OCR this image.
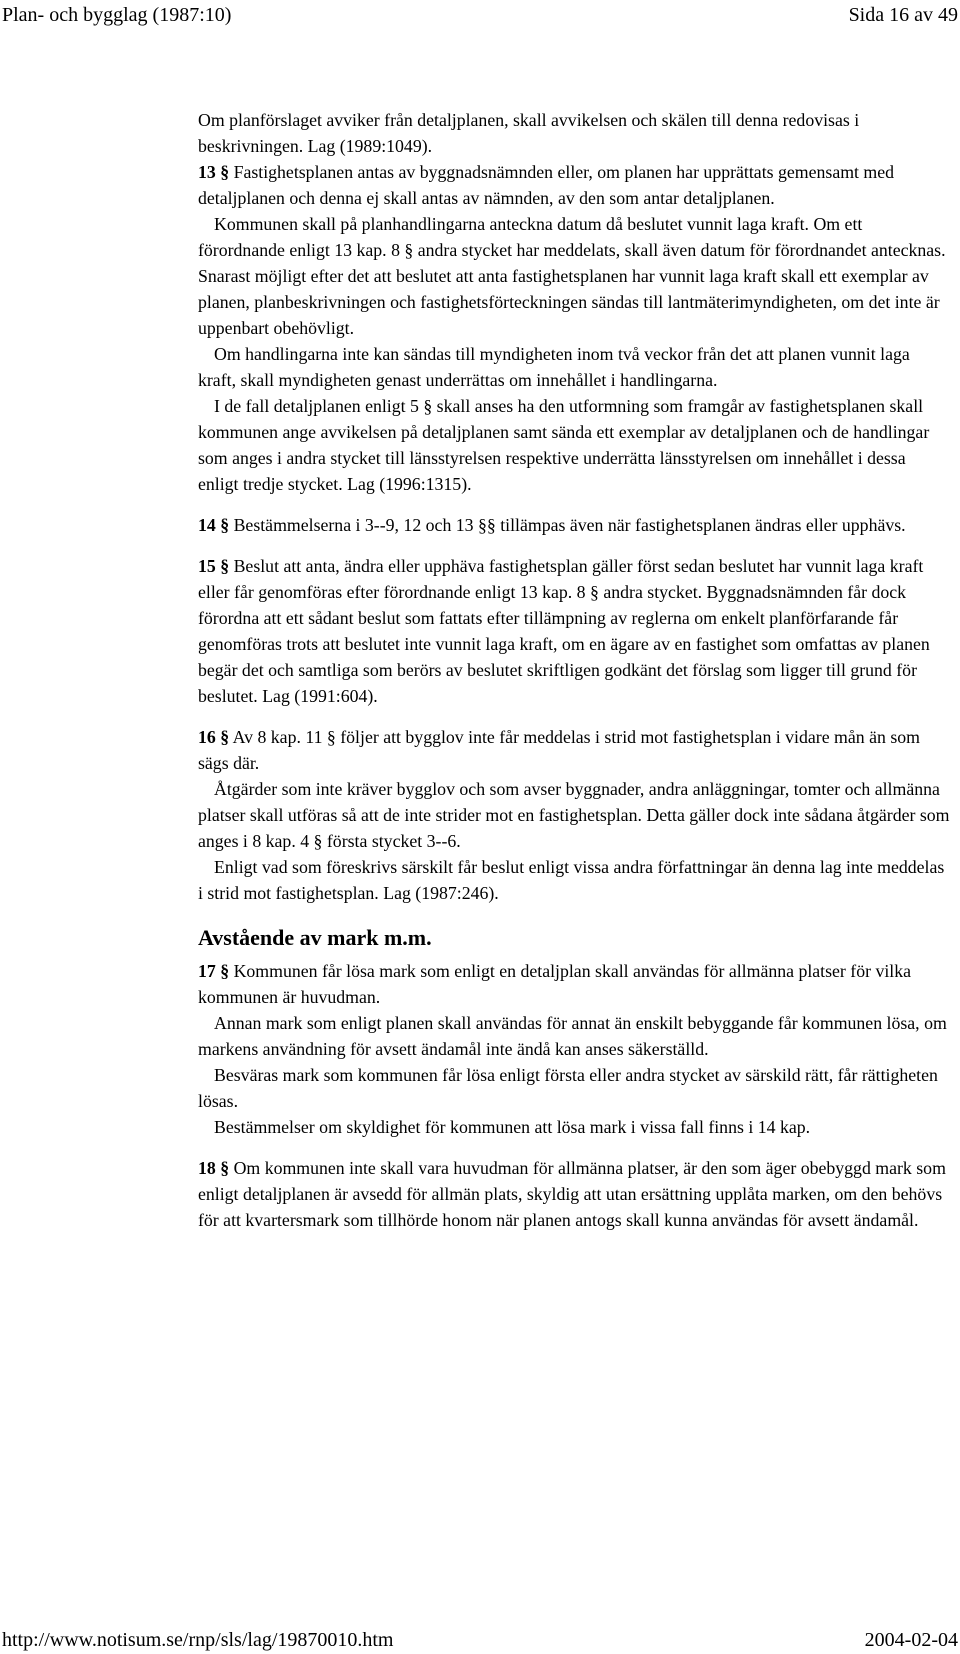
Plan- och bygglag (1987:10)	Sida 16 av 49

Om planförslaget avviker från detaljplanen, skall avvikelsen och skälen till denna redovisas i beskrivningen. Lag (1989:1049).

13 § Fastighetsplanen antas av byggnadsnämnden eller, om planen har upprättats gemensamt med detaljplanen och denna ej skall antas av nämnden, av den som antar detaljplanen.

Kommunen skall på planhandlingarna anteckna datum då beslutet vunnit laga kraft. Om ett förordnande enligt 13 kap. 8 § andra stycket har meddelats, skall även datum för förordnandet antecknas. Snarast möjligt efter det att beslutet att anta fastighetsplanen har vunnit laga kraft skall ett exemplar av planen, planbeskrivningen och fastighetsförteckningen sändas till lantmäterimyndigheten, om det inte är uppenbart obehövligt.

Om handlingarna inte kan sändas till myndigheten inom två veckor från det att planen vunnit laga kraft, skall myndigheten genast underrättas om innehållet i handlingarna.

I de fall detaljplanen enligt 5 § skall anses ha den utformning som framgår av fastighetsplanen skall kommunen ange avvikelsen på detaljplanen samt sända ett exemplar av detaljplanen och de handlingar som anges i andra stycket till länsstyrelsen respektive underrätta länsstyrelsen om innehållet i dessa enligt tredje stycket. Lag (1996:1315).

14 § Bestämmelserna i 3--9, 12 och 13 §§ tillämpas även när fastighetsplanen ändras eller upphävs.

15 § Beslut att anta, ändra eller upphäva fastighetsplan gäller först sedan beslutet har vunnit laga kraft eller får genomföras efter förordnande enligt 13 kap. 8 § andra stycket. Byggnadsnämnden får dock förordna att ett sådant beslut som fattats efter tillämpning av reglerna om enkelt planförfarande får genomföras trots att beslutet inte vunnit laga kraft, om en ägare av en fastighet som omfattas av planen begär det och samtliga som berörs av beslutet skriftligen godkänt det förslag som ligger till grund för beslutet. Lag (1991:604).

16 § Av 8 kap. 11 § följer att bygglov inte får meddelas i strid mot fastighetsplan i vidare mån än som sägs där.

Åtgärder som inte kräver bygglov och som avser byggnader, andra anläggningar, tomter och allmänna platser skall utföras så att de inte strider mot en fastighetsplan. Detta gäller dock inte sådana åtgärder som anges i 8 kap. 4 § första stycket 3--6.

Enligt vad som föreskrivs särskilt får beslut enligt vissa andra författningar än denna lag inte meddelas i strid mot fastighetsplan. Lag (1987:246).

Avstående av mark m.m.

17 § Kommunen får lösa mark som enligt en detaljplan skall användas för allmänna platser för vilka kommunen är huvudman.

Annan mark som enligt planen skall användas för annat än enskilt bebyggande får kommunen lösa, om markens användning för avsett ändamål inte ändå kan anses säkerställd.

Besväras mark som kommunen får lösa enligt första eller andra stycket av särskild rätt, får rättigheten lösas.

Bestämmelser om skyldighet för kommunen att lösa mark i vissa fall finns i 14 kap.

18 § Om kommunen inte skall vara huvudman för allmänna platser, är den som äger obebyggd mark som enligt detaljplanen är avsedd för allmän plats, skyldig att utan ersättning upplåta marken, om den behövs för att kvartersmark som tillhörde honom när planen antogs skall kunna användas för avsett ändamål.

http://www.notisum.se/rnp/sls/lag/19870010.htm	2004-02-04
